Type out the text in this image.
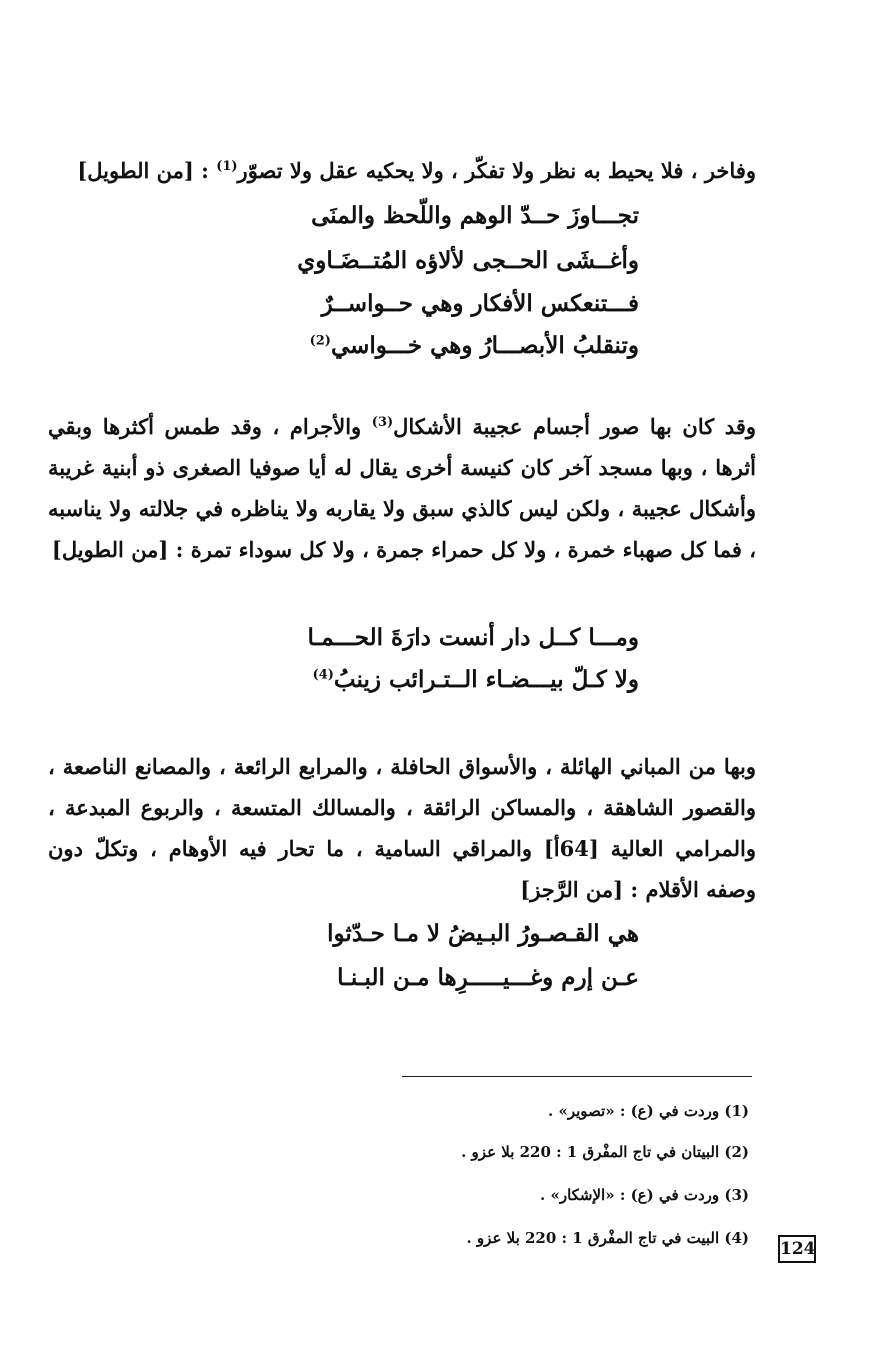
وفاخر ، فلا يحيط به نظر ولا تفكّر ، ولا يحكيه عقل ولا تصوّر$^{(1)}$ : [من الطويل]
تجـــاوزَ حــدّ الوهم واللّحظ والمنَى
وأغــشَى الحــجى لألاؤه المُتــضَـاوي
فـــتنعكس الأفكار وهي حــواســرٌ
وتنقلبُ الأبصـــارُ وهي خـــواسي$^{(2)}$
وقد كان بها صور أجسام عجيبة الأشكال$^{(3)}$ والأجرام ، وقد طمس أكثرها وبقي أثرها ، وبها مسجد آخر كان كنيسة أخرى يقال له أيا صوفيا الصغرى ذو أبنية غريبة وأشكال عجيبة ، ولكن ليس كالذي سبق ولا يقاربه ولا يناظره في جلالته ولا يناسبه ، فما كل صهباء خمرة ، ولا كل حمراء جمرة ، ولا كل سوداء تمرة : [من الطويل]
ومـــا كــل دار أنست دارَةَ الحـــمـا
ولا كـلّ بيـــضـاء الــتـرائب زينبُ$^{(4)}$
وبها من المباني الهائلة ، والأسواق الحافلة ، والمرابع الرائعة ، والمصانع الناصعة ، والقصور الشاهقة ، والمساكن الرائقة ، والمسالك المتسعة ، والربوع المبدعة ، والمرامي العالية [64أ] والمراقي السامية ، ما تحار فيه الأوهام ، وتكلّ دون وصفه الأقلام : [من الرَّجز]
هي القـصـورُ البـيضُ لا مـا حـدّثوا
عـن إرم وغـــيـــــرِها مـن البـنـا
(1) وردت في (ع) : «تصوير» .
(2) البيتان في تاج المفْرق 1 : 220 بلا عزو .
(3) وردت في (ع) : «الإشكار» .
(4) البيت في تاج المفْرق 1 : 220 بلا عزو .
124
